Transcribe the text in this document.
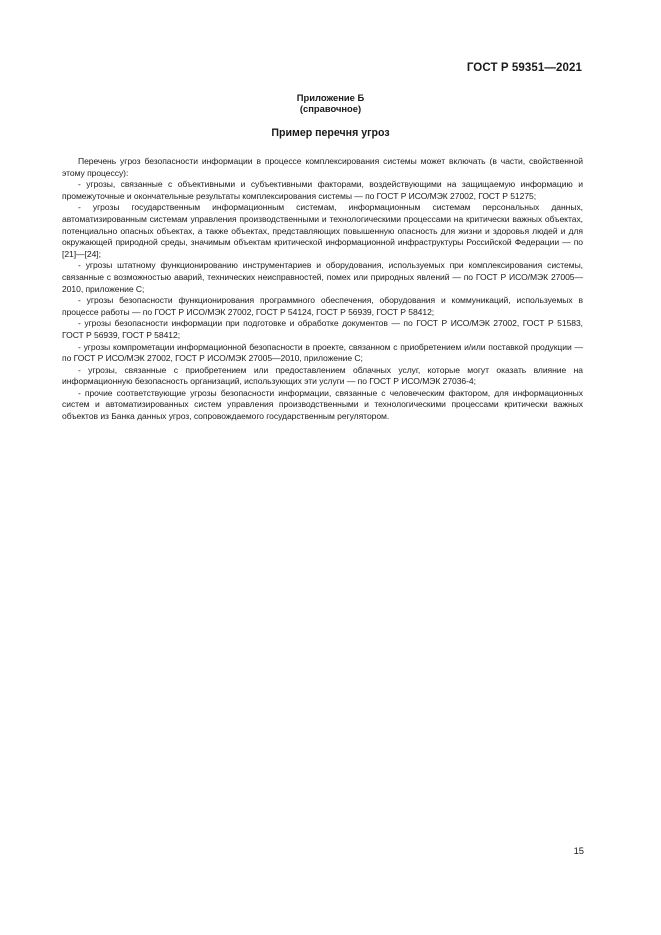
ГОСТ Р 59351—2021
Приложение Б
(справочное)
Пример перечня угроз

Перечень угроз безопасности информации в процессе комплексирования системы может включать (в части, свойственной этому процессу):

- угрозы, связанные с объективными и субъективными факторами, воздействующими на защищаемую информацию и промежуточные и окончательные результаты комплексирования системы — по ГОСТ Р ИСО/МЭК 27002, ГОСТ Р 51275;

- угрозы государственным информационным системам, информационным системам персональных данных, автоматизированным системам управления производственными и технологическими процессами на критически важных объектах, потенциально опасных объектах, а также объектах, представляющих повышенную опасность для жизни и здоровья людей и для окружающей природной среды, значимым объектам критической информационной инфраструктуры Российской Федерации — по [21]—[24];

- угрозы штатному функционированию инструментариев и оборудования, используемых при комплексирования системы, связанные с возможностью аварий, технических неисправностей, помех или природных явлений — по ГОСТ Р ИСО/МЭК 27005—2010, приложение С;

- угрозы безопасности функционирования программного обеспечения, оборудования и коммуникаций, используемых в процессе работы — по ГОСТ Р ИСО/МЭК 27002, ГОСТ Р 54124, ГОСТ Р 56939, ГОСТ Р 58412;

- угрозы безопасности информации при подготовке и обработке документов — по ГОСТ Р ИСО/МЭК 27002, ГОСТ Р 51583, ГОСТ Р 56939, ГОСТ Р 58412;

- угрозы компрометации информационной безопасности в проекте, связанном с приобретением и/или поставкой продукции — по ГОСТ Р ИСО/МЭК 27002, ГОСТ Р ИСО/МЭК 27005—2010, приложение С;

- угрозы, связанные с приобретением или предоставлением облачных услуг, которые могут оказать влияние на информационную безопасность организаций, использующих эти услуги — по ГОСТ Р ИСО/МЭК 27036-4;

- прочие соответствующие угрозы безопасности информации, связанные с человеческим фактором, для информационных систем и автоматизированных систем управления производственными и технологическими процессами критически важных объектов из Банка данных угроз, сопровождаемого государственным регулятором.

15
